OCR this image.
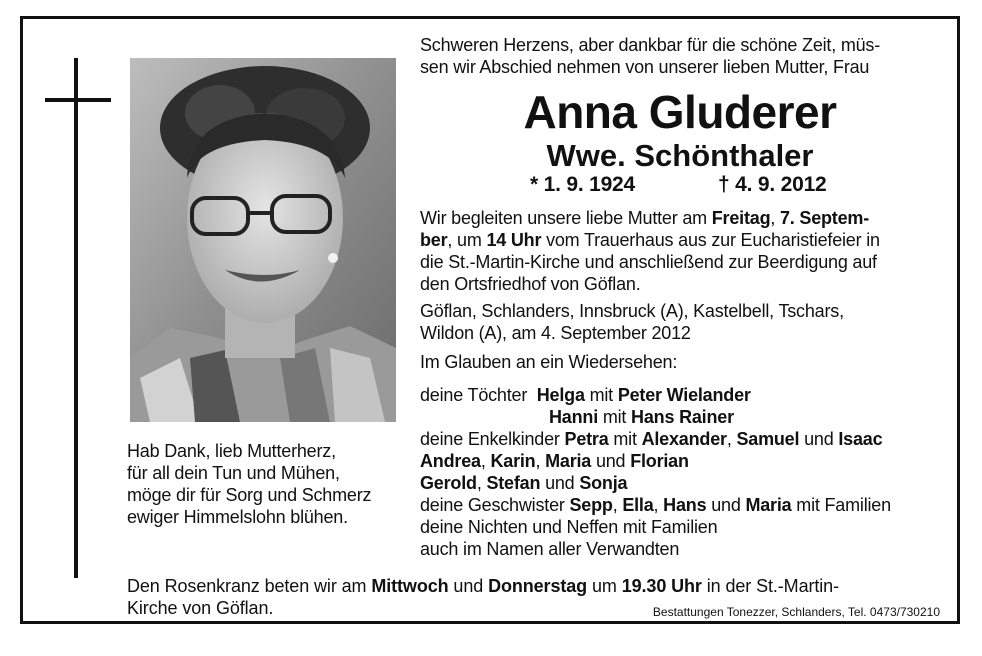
Hab Dank, lieb Mutterherz,
für all dein Tun und Mühen,
möge dir für Sorg und Schmerz
ewiger Himmelslohn blühen.
Schweren Herzens, aber dankbar für die schöne Zeit, müs-
sen wir Abschied nehmen von unserer lieben Mutter, Frau
Anna Gluderer
Wwe. Schönthaler
* 1. 9. 1924	† 4. 9. 2012
Wir begleiten unsere liebe Mutter am Freitag, 7. Septem-
ber, um 14 Uhr vom Trauerhaus aus zur Eucharistiefeier in
die St.-Martin-Kirche und anschließend zur Beerdigung auf
den Ortsfriedhof von Göflan.
Göflan, Schlanders, Innsbruck (A), Kastelbell, Tschars,
Wildon (A), am 4. September 2012
Im Glauben an ein Wiedersehen:
deine Töchter Helga mit Peter Wielander
Hanni mit Hans Rainer
deine Enkelkinder Petra mit Alexander, Samuel und Isaac
Andrea, Karin, Maria und Florian
Gerold, Stefan und Sonja
deine Geschwister Sepp, Ella, Hans und Maria mit Familien
deine Nichten und Neffen mit Familien
auch im Namen aller Verwandten
Den Rosenkranz beten wir am Mittwoch und Donnerstag um 19.30 Uhr in der St.-Martin-
Kirche von Göflan.	Bestattungen Tonezzer, Schlanders, Tel. 0473/730210
